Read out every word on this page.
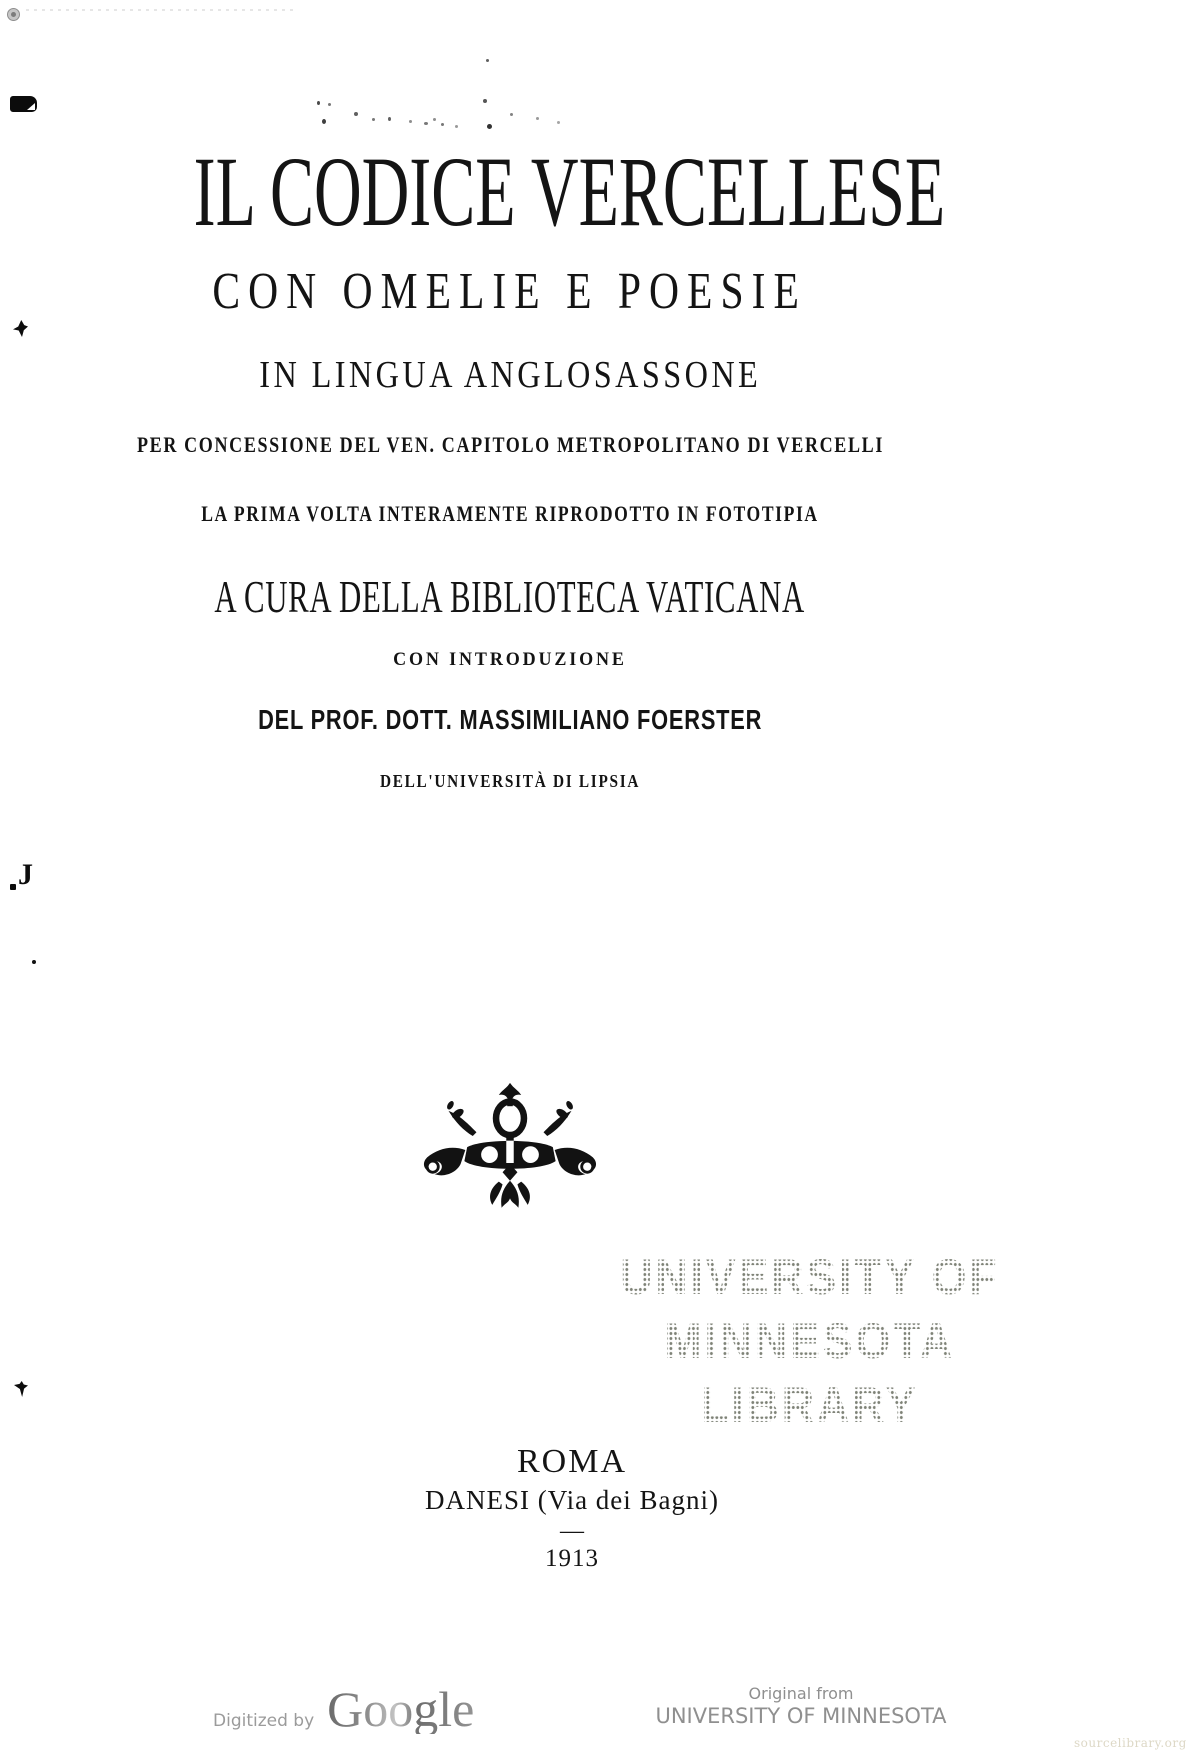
J
IL CODICE VERCELLESE
CON OMELIE E POESIE
IN LINGUA ANGLOSASSONE
PER CONCESSIONE DEL VEN. CAPITOLO METROPOLITANO DI VERCELLI
LA PRIMA VOLTA INTERAMENTE RIPRODOTTO IN FOTOTIPIA
A CURA DELLA BIBLIOTECA VATICANA
CON INTRODUZIONE
DEL PROF. DOTT. MASSIMILIANO FOERSTER
DELL'UNIVERSITÀ DI LIPSIA
UNIVERSITY OF
MINNESOTA
LIBRARY
ROMA
DANESI (Via dei Bagni)
—
1913
Digitized by Google	Original from
UNIVERSITY OF MINNESOTA
sourcelibrary.org
